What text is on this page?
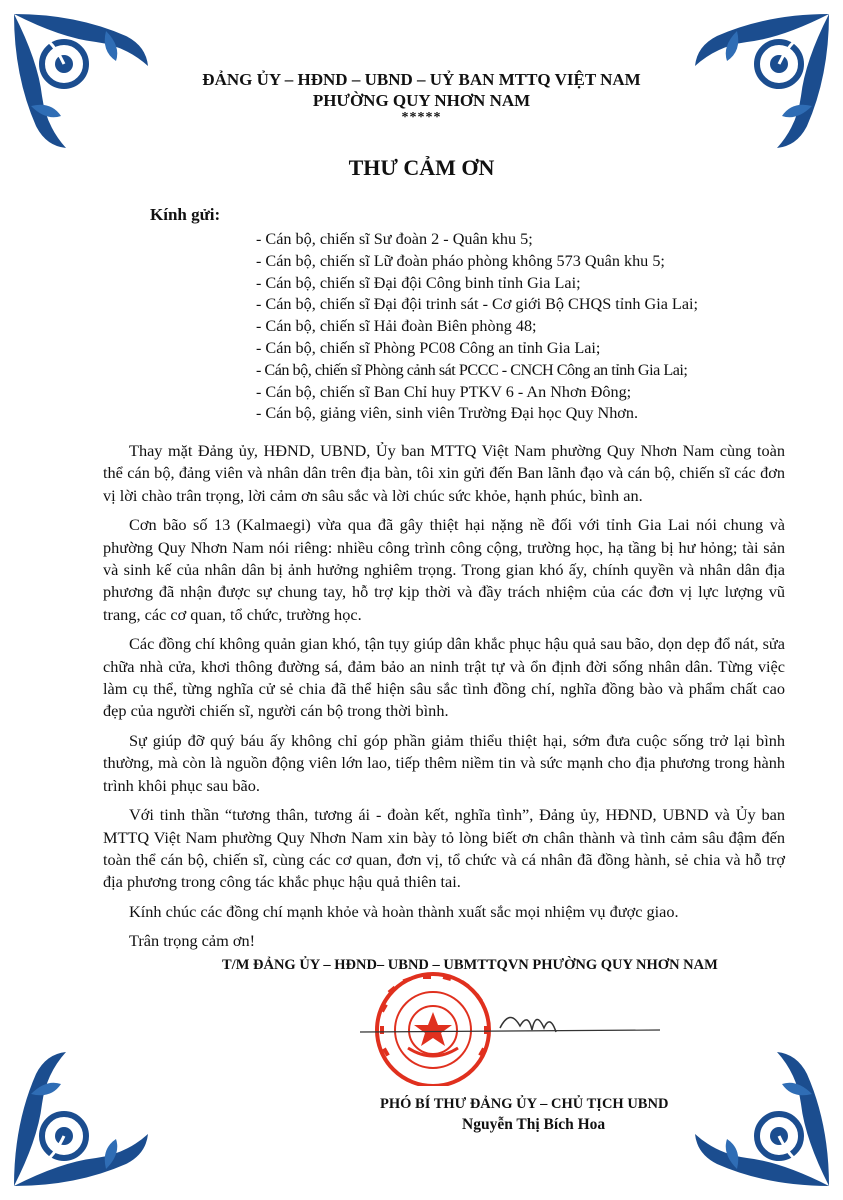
ĐẢNG ỦY – HĐND – UBND – UỶ BAN MTTQ VIỆT NAM
PHƯỜNG QUY NHƠN NAM
*****
THƯ CẢM ƠN
Kính gửi:
- Cán bộ, chiến sĩ Sư đoàn 2 - Quân khu 5;
- Cán bộ, chiến sĩ Lữ đoàn pháo phòng không 573 Quân khu 5;
- Cán bộ, chiến sĩ Đại đội Công binh tỉnh Gia Lai;
- Cán bộ, chiến sĩ Đại đội trinh sát - Cơ giới Bộ CHQS tỉnh Gia Lai;
- Cán bộ, chiến sĩ Hải đoàn Biên phòng 48;
- Cán bộ, chiến sĩ Phòng PC08 Công an tỉnh Gia Lai;
- Cán bộ, chiến sĩ Phòng cảnh sát PCCC - CNCH Công an tỉnh Gia Lai;
- Cán bộ, chiến sĩ Ban Chỉ huy PTKV 6 - An Nhơn Đông;
- Cán bộ, giảng viên, sinh viên Trường Đại học Quy Nhơn.

Thay mặt Đảng ủy, HĐND, UBND, Ủy ban MTTQ Việt Nam phường Quy Nhơn Nam cùng toàn thể cán bộ, đảng viên và nhân dân trên địa bàn, tôi xin gửi đến Ban lãnh đạo và cán bộ, chiến sĩ các đơn vị lời chào trân trọng, lời cảm ơn sâu sắc và lời chúc sức khỏe, hạnh phúc, bình an.

Cơn bão số 13 (Kalmaegi) vừa qua đã gây thiệt hại nặng nề đối với tỉnh Gia Lai nói chung và phường Quy Nhơn Nam nói riêng: nhiều công trình công cộng, trường học, hạ tầng bị hư hỏng; tài sản và sinh kế của nhân dân bị ảnh hưởng nghiêm trọng. Trong gian khó ấy, chính quyền và nhân dân địa phương đã nhận được sự chung tay, hỗ trợ kịp thời và đầy trách nhiệm của các đơn vị lực lượng vũ trang, các cơ quan, tổ chức, trường học.

Các đồng chí không quản gian khó, tận tụy giúp dân khắc phục hậu quả sau bão, dọn dẹp đổ nát, sửa chữa nhà cửa, khơi thông đường sá, đảm bảo an ninh trật tự và ổn định đời sống nhân dân. Từng việc làm cụ thể, từng nghĩa cử sẻ chia đã thể hiện sâu sắc tình đồng chí, nghĩa đồng bào và phẩm chất cao đẹp của người chiến sĩ, người cán bộ trong thời bình.

Sự giúp đỡ quý báu ấy không chỉ góp phần giảm thiểu thiệt hại, sớm đưa cuộc sống trở lại bình thường, mà còn là nguồn động viên lớn lao, tiếp thêm niềm tin và sức mạnh cho địa phương trong hành trình khôi phục sau bão.

Với tinh thần “tương thân, tương ái - đoàn kết, nghĩa tình”, Đảng ủy, HĐND, UBND và Ủy ban MTTQ Việt Nam phường Quy Nhơn Nam xin bày tỏ lòng biết ơn chân thành và tình cảm sâu đậm đến toàn thể cán bộ, chiến sĩ, cùng các cơ quan, đơn vị, tổ chức và cá nhân đã đồng hành, sẻ chia và hỗ trợ địa phương trong công tác khắc phục hậu quả thiên tai.

Kính chúc các đồng chí mạnh khỏe và hoàn thành xuất sắc mọi nhiệm vụ được giao.

Trân trọng cảm ơn!

T/M ĐẢNG ỦY – HĐND– UBND – UBMTTQVN PHƯỜNG QUY NHƠN NAM
PHÓ BÍ THƯ ĐẢNG ỦY – CHỦ TỊCH UBND
Nguyễn Thị Bích Hoa
